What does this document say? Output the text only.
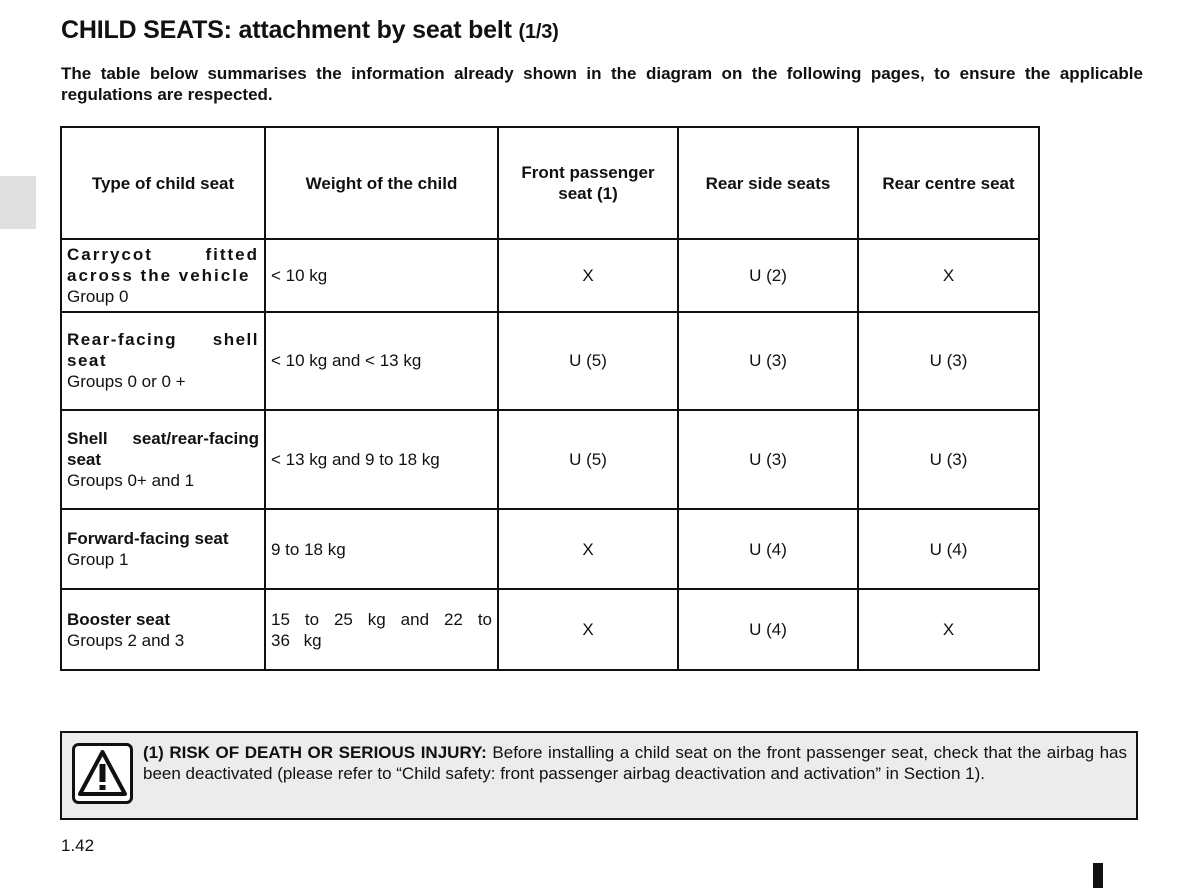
CHILD SEATS: attachment by seat belt (1/3)

The table below summarises the information already shown in the diagram on the following pages, to ensure the applicable regulations are respected.

Type of child seat	Weight of the child	Front passenger seat (1)	Rear side seats	Rear centre seat

Carrycot fitted across the vehicle
Group 0	< 10 kg	X	U (2)	X

Rear-facing shell seat
Groups 0 or 0 +	< 10 kg and < 13 kg	U (5)	U (3)	U (3)

Shell seat/rear-facing seat
Groups 0+ and 1	< 13 kg and 9 to 18 kg	U (5)	U (3)	U (3)

Forward-facing seat
Group 1	9 to 18 kg	X	U (4)	U (4)

Booster seat
Groups 2 and 3	15 to 25 kg and 22 to 36 kg	X	U (4)	X

(1) RISK OF DEATH OR SERIOUS INJURY: Before installing a child seat on the front passenger seat, check that the airbag has been deactivated (please refer to “Child safety: front passenger airbag deactivation and activation” in Section 1).

1.42
